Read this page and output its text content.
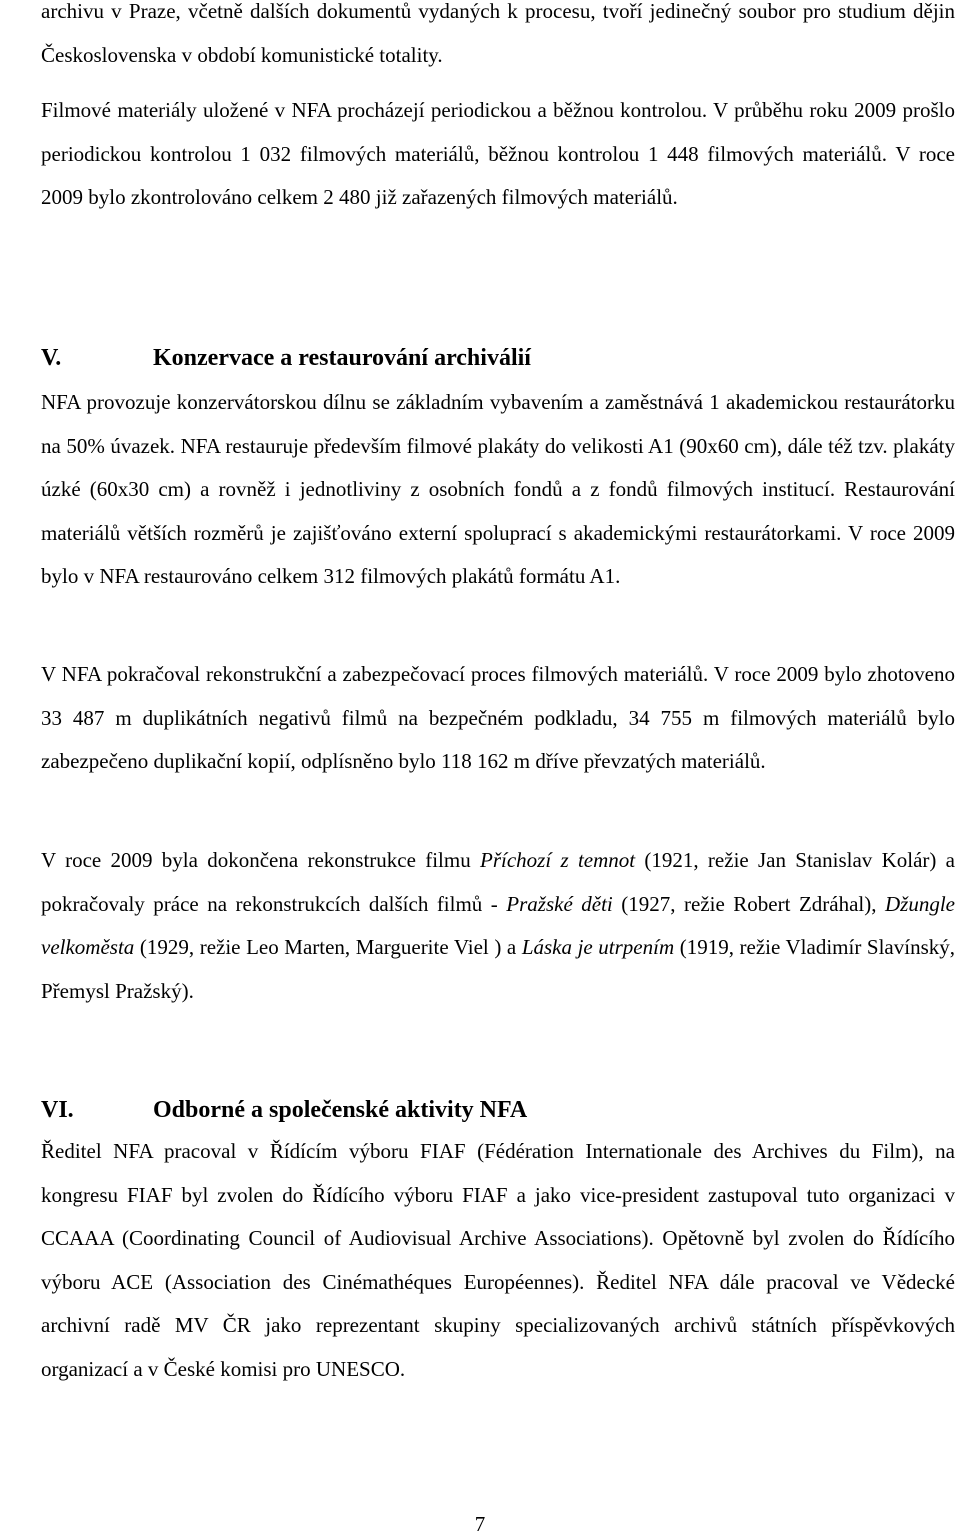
archivu v Praze, včetně dalších dokumentů vydaných k procesu, tvoří jedinečný soubor pro studium dějin Československa v období komunistické totality.

Filmové materiály uložené v NFA procházejí periodickou a běžnou kontrolou. V průběhu roku 2009 prošlo periodickou kontrolou 1 032 filmových materiálů, běžnou kontrolou 1 448 filmových materiálů. V roce 2009 bylo zkontrolováno celkem 2 480 již zařazených filmových materiálů.

V.	Konzervace a restaurování archiválií

NFA provozuje konzervátorskou dílnu se základním vybavením a zaměstnává 1 akademickou restaurátorku na 50% úvazek. NFA restauruje především filmové plakáty do velikosti A1 (90x60 cm), dále též tzv. plakáty úzké (60x30 cm) a rovněž i jednotliviny z osobních fondů a z fondů filmových institucí. Restaurování materiálů větších rozměrů je zajišťováno externí spoluprací s akademickými restaurátorkami. V roce 2009 bylo v NFA restaurováno celkem 312 filmových plakátů formátu A1.

V NFA pokračoval rekonstrukční a zabezpečovací proces filmových materiálů. V roce 2009 bylo zhotoveno 33 487 m duplikátních negativů filmů na bezpečném podkladu, 34 755 m filmových materiálů bylo zabezpečeno duplikační kopií, odplísněno bylo 118 162 m dříve převzatých materiálů.

V roce 2009 byla dokončena rekonstrukce filmu Příchozí z temnot (1921, režie Jan Stanislav Kolár) a pokračovaly práce na rekonstrukcích dalších filmů - Pražské děti (1927, režie Robert Zdráhal), Džungle velkoměsta (1929, režie Leo Marten, Marguerite Viel ) a Láska je utrpením (1919, režie Vladimír Slavínský, Přemysl Pražský).

VI.	Odborné a společenské aktivity NFA

Ředitel NFA pracoval v Řídícím výboru FIAF (Fédération Internationale des Archives du Film), na kongresu FIAF byl zvolen do Řídícího výboru FIAF a jako vice-president zastupoval tuto organizaci v CCAAA (Coordinating Council of Audiovisual Archive Associations). Opětovně byl zvolen do Řídícího výboru ACE (Association des Cinémathéques Européennes). Ředitel NFA dále pracoval ve Vědecké archivní radě MV ČR jako reprezentant skupiny specializovaných archivů státních příspěvkových organizací a v České komisi pro UNESCO.

7
